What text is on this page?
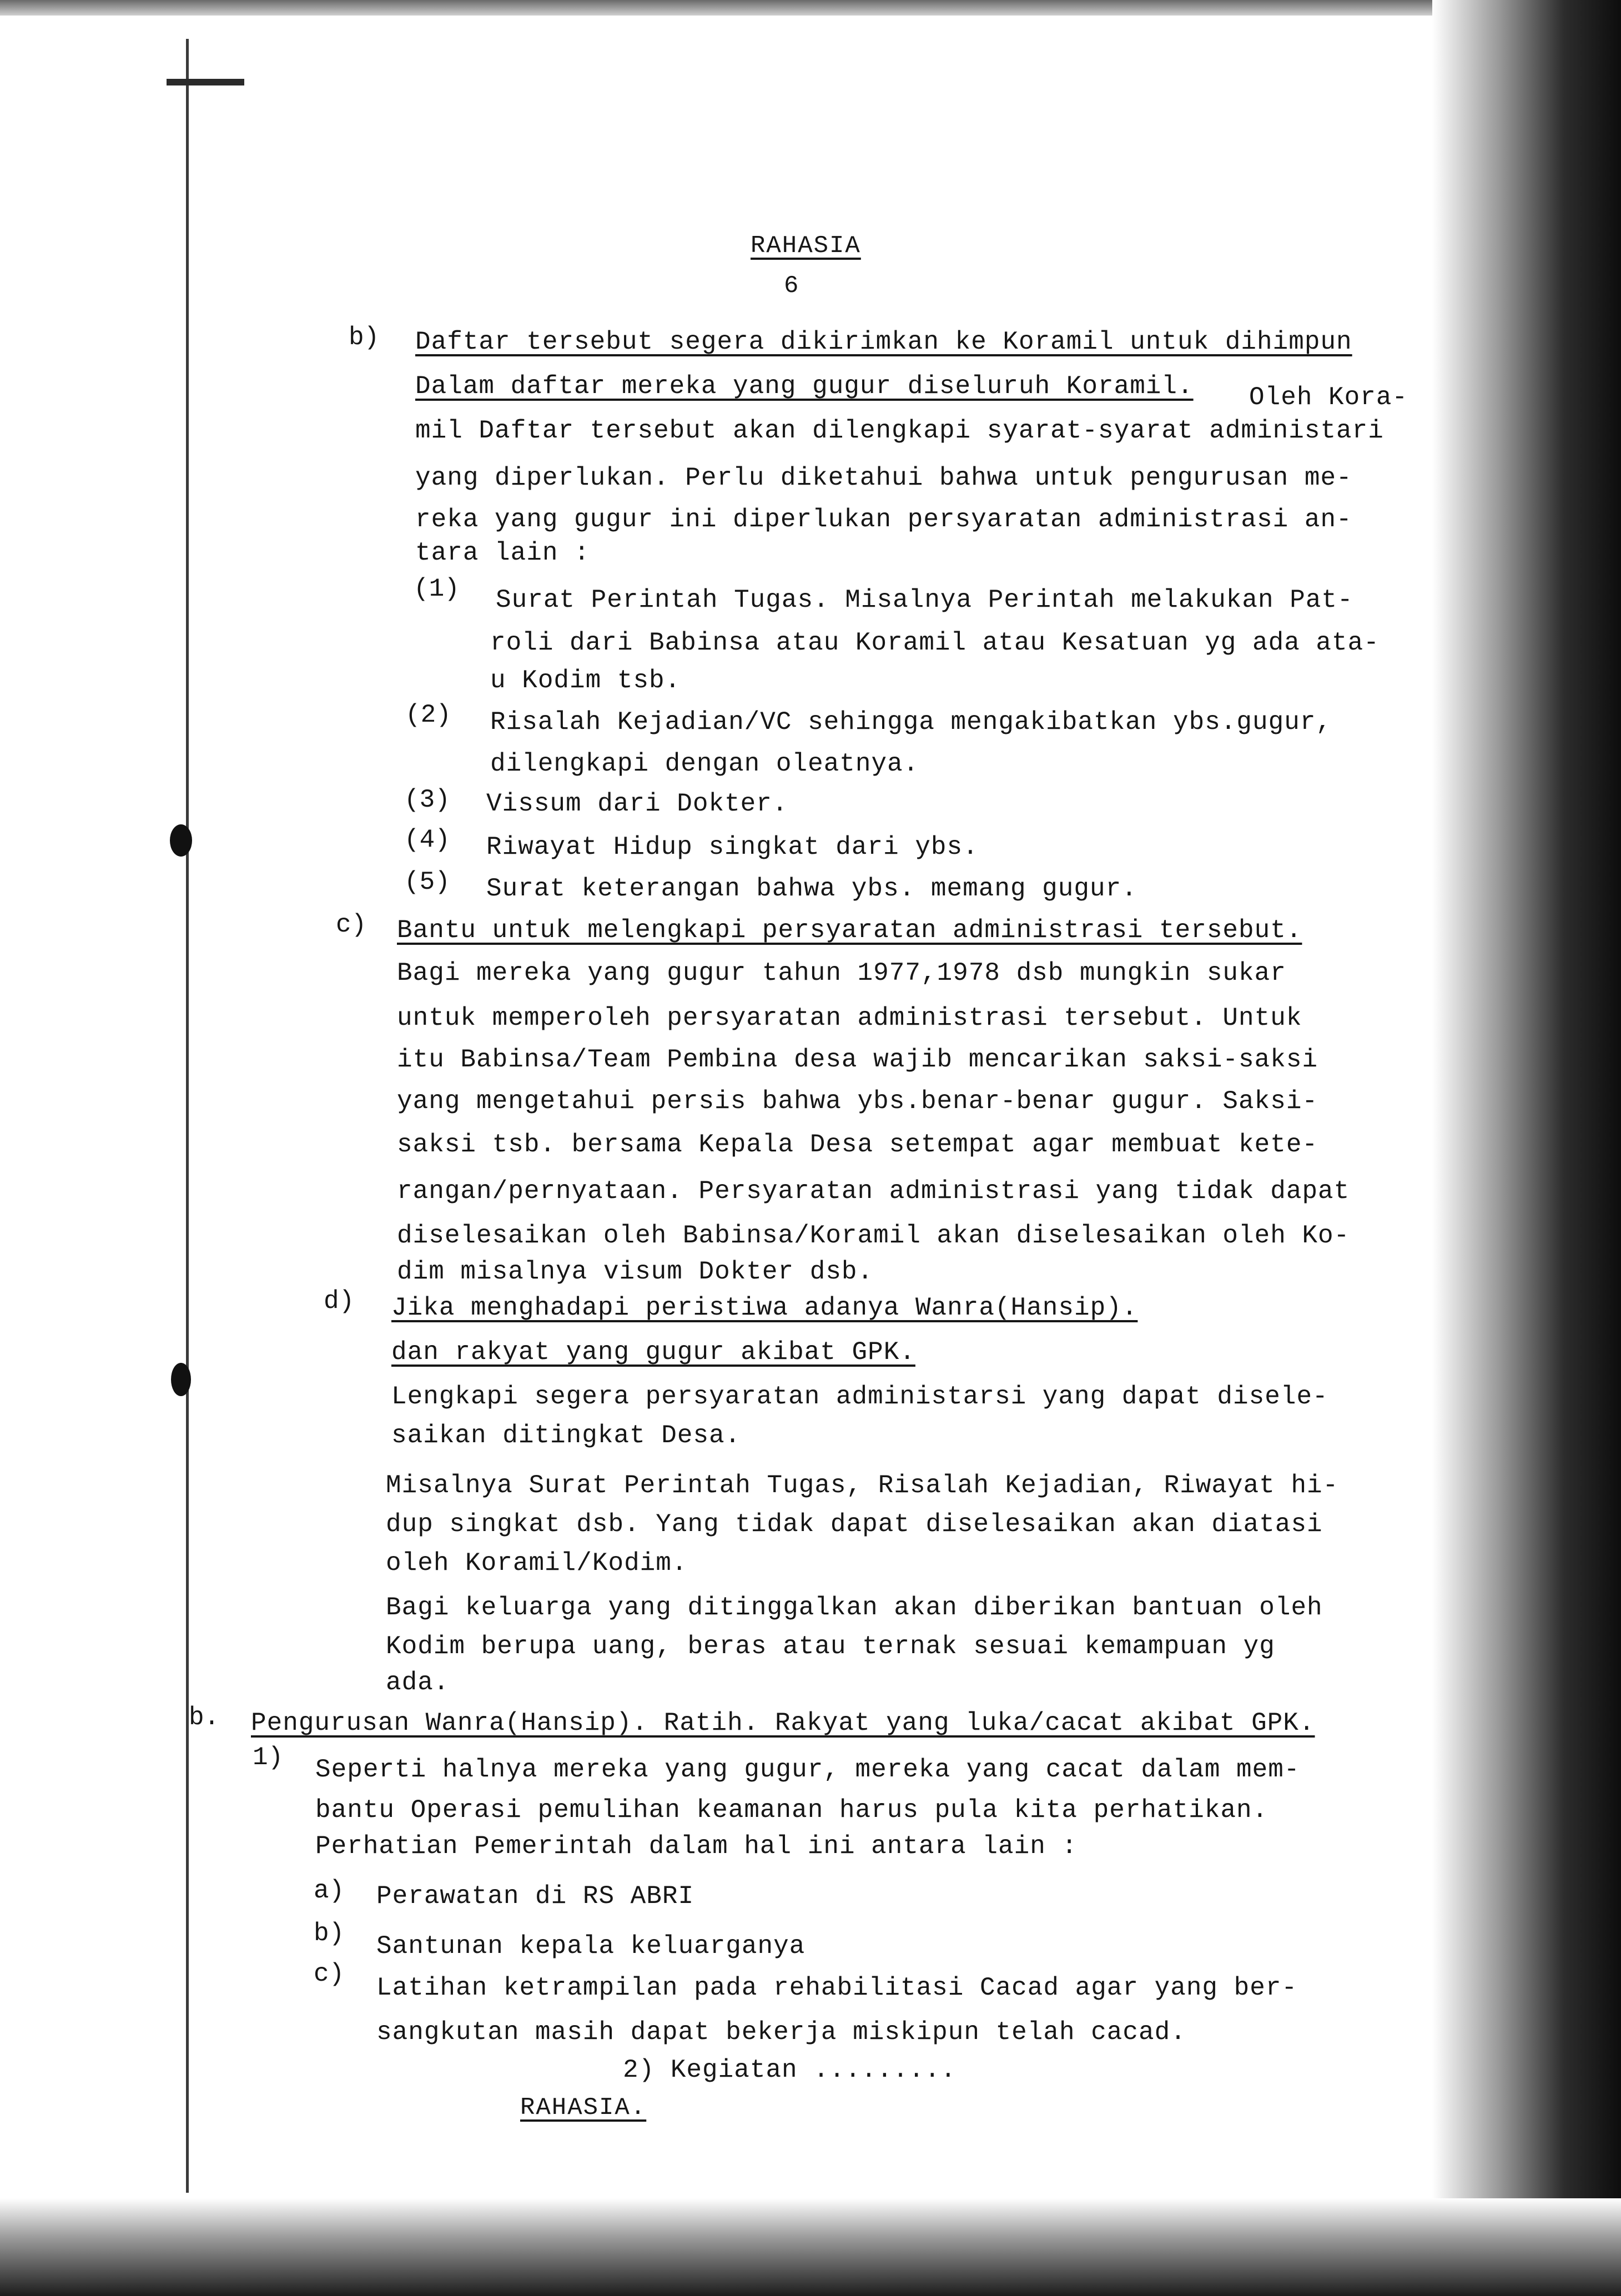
RAHASIA
6
b) Daftar tersebut segera dikirimkan ke Koramil untuk dihimpun
Dalam daftar mereka yang gugur diseluruh Koramil. Oleh Kora-
mil Daftar tersebut akan dilengkapi syarat-syarat administari
yang diperlukan. Perlu diketahui bahwa untuk pengurusan me-
reka yang gugur ini diperlukan persyaratan administrasi an-
tara lain :
(1) Surat Perintah Tugas. Misalnya Perintah melakukan Pat-
roli dari Babinsa atau Koramil atau Kesatuan yg ada ata-
u Kodim tsb.
(2) Risalah Kejadian/VC sehingga mengakibatkan ybs.gugur,
dilengkapi dengan oleatnya.
(3) Vissum dari Dokter.
(4) Riwayat Hidup singkat dari ybs.
(5) Surat keterangan bahwa ybs. memang gugur.
c) Bantu untuk melengkapi persyaratan administrasi tersebut.
Bagi mereka yang gugur tahun 1977,1978 dsb mungkin sukar
untuk memperoleh persyaratan administrasi tersebut. Untuk
itu Babinsa/Team Pembina desa wajib mencarikan saksi-saksi
yang mengetahui persis bahwa ybs.benar-benar gugur. Saksi-
saksi tsb. bersama Kepala Desa setempat agar membuat kete-
rangan/pernyataan. Persyaratan administrasi yang tidak dapat
diselesaikan oleh Babinsa/Koramil akan diselesaikan oleh Ko-
dim misalnya visum Dokter dsb.
d) Jika menghadapi peristiwa adanya Wanra(Hansip).
dan rakyat yang gugur akibat GPK.
Lengkapi segera persyaratan administarsi yang dapat disele-
saikan ditingkat Desa.
Misalnya Surat Perintah Tugas, Risalah Kejadian, Riwayat hi-
dup singkat dsb. Yang tidak dapat diselesaikan akan diatasi
oleh Koramil/Kodim.
Bagi keluarga yang ditinggalkan akan diberikan bantuan oleh
Kodim berupa uang, beras atau ternak sesuai kemampuan yg
ada.
b. Pengurusan Wanra(Hansip). Ratih. Rakyat yang luka/cacat akibat GPK.
1) Seperti halnya mereka yang gugur, mereka yang cacat dalam mem-
bantu Operasi pemulihan keamanan harus pula kita perhatikan.
Perhatian Pemerintah dalam hal ini antara lain :
a) Perawatan di RS ABRI
b) Santunan kepala keluarganya
c) Latihan ketrampilan pada rehabilitasi Cacad agar yang ber-
sangkutan masih dapat bekerja miskipun telah cacad.
2) Kegiatan .........
RAHASIA.
